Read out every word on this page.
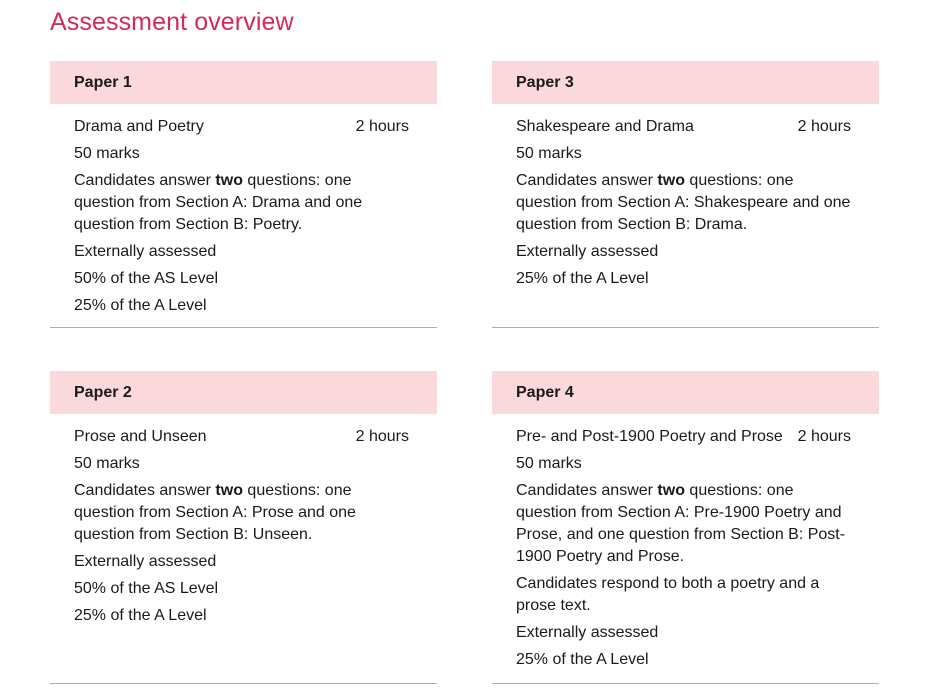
Assessment overview
Paper 1
Drama and Poetry	2 hours
50 marks
Candidates answer two questions: one question from Section A: Drama and one question from Section B: Poetry.
Externally assessed
50% of the AS Level
25% of the A Level
Paper 3
Shakespeare and Drama	2 hours
50 marks
Candidates answer two questions: one question from Section A: Shakespeare and one question from Section B: Drama.
Externally assessed
25% of the A Level
Paper 2
Prose and Unseen	2 hours
50 marks
Candidates answer two questions: one question from Section A: Prose and one question from Section B: Unseen.
Externally assessed
50% of the AS Level
25% of the A Level
Paper 4
Pre- and Post-1900 Poetry and Prose 2 hours
50 marks
Candidates answer two questions: one question from Section A: Pre-1900 Poetry and Prose, and one question from Section B: Post-1900 Poetry and Prose.
Candidates respond to both a poetry and a prose text.
Externally assessed
25% of the A Level
